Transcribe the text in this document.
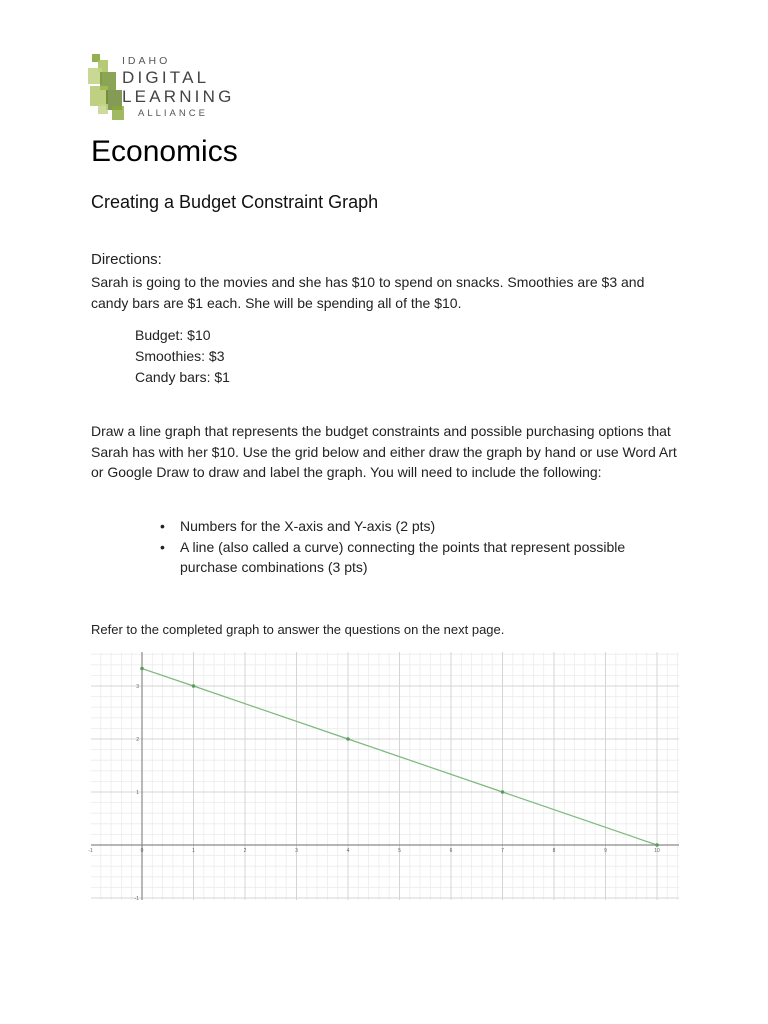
IDAHO
DIGITAL
LEARNING
ALLIANCE
Economics
Creating a Budget Constraint Graph
Directions:
Sarah is going to the movies and she has $10 to spend on snacks. Smoothies are $3 and candy bars are $1 each. She will be spending all of the $10.
Budget: $10
Smoothies: $3
Candy bars: $1
Draw a line graph that represents the budget constraints and possible purchasing options that Sarah has with her $10. Use the grid below and either draw the graph by hand or use Word Art or Google Draw to draw and label the graph. You will need to include the following:
• Numbers for the X-axis and Y-axis (2 pts)
• A line (also called a curve) connecting the points that represent possible purchase combinations (3 pts)
Refer to the completed graph to answer the questions on the next page.
-1	0	1	2	3	4	5	6	7	8	9	10
-1
1
2
3
